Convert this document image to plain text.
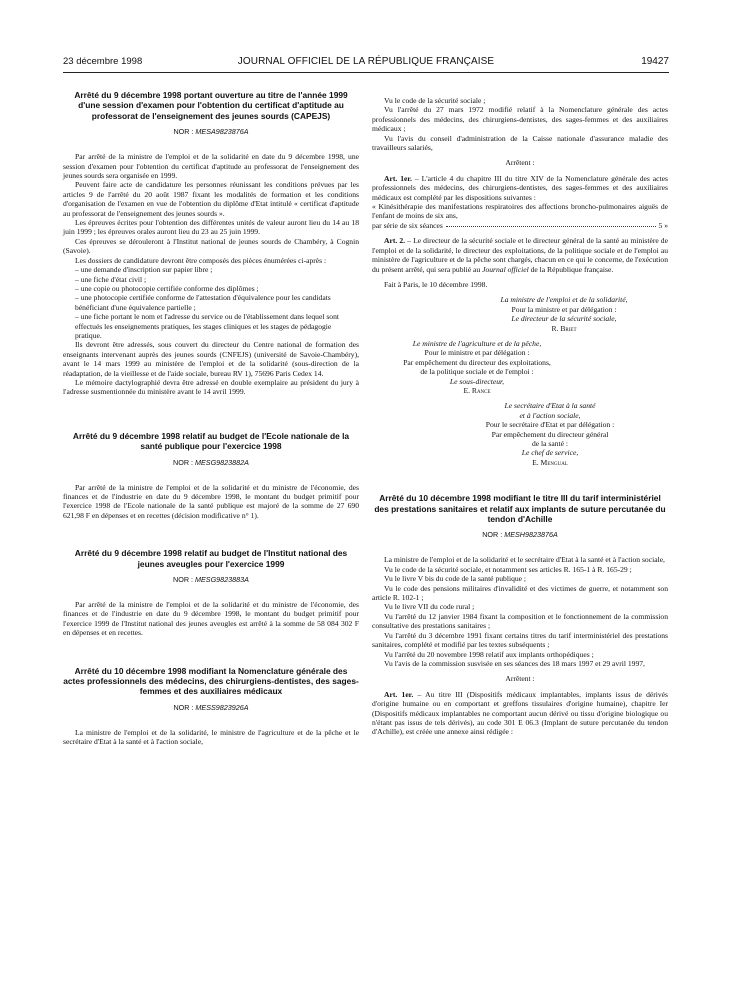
23 décembre 1998	JOURNAL OFFICIEL DE LA RÉPUBLIQUE FRANÇAISE	19427
Arrêté du 9 décembre 1998 portant ouverture au titre de l'année 1999 d'une session d'examen pour l'obtention du certificat d'aptitude au professorat de l'enseignement des jeunes sourds (CAPEJS)
NOR : MESA9823876A

Par arrêté de la ministre de l'emploi et de la solidarité en date du 9 décembre 1998, une session d'examen pour l'obtention du certificat d'aptitude au professorat de l'enseignement des jeunes sourds sera organisée en 1999.

Peuvent faire acte de candidature les personnes réunissant les conditions prévues par les articles 9 de l'arrêté du 20 août 1987 fixant les modalités de formation et les conditions d'organisation de l'examen en vue de l'obtention du diplôme d'Etat intitulé « certificat d'aptitude au professorat de l'enseignement des jeunes sourds ».

Les épreuves écrites pour l'obtention des différentes unités de valeur auront lieu du 14 au 18 juin 1999 ; les épreuves orales auront lieu du 23 au 25 juin 1999.

Ces épreuves se dérouleront à l'Institut national de jeunes sourds de Chambéry, à Cognin (Savoie).

Les dossiers de candidature devront être composés des pièces énumérées ci-après :

– une demande d'inscription sur papier libre ;

– une fiche d'état civil ;

– une copie ou photocopie certifiée conforme des diplômes ;

– une photocopie certifiée conforme de l'attestation d'équivalence pour les candidats bénéficiant d'une équivalence partielle ;

– une fiche portant le nom et l'adresse du service ou de l'établissement dans lequel sont effectués les enseignements pratiques, les stages cliniques et les stages de pédagogie pratique.

Ils devront être adressés, sous couvert du directeur du Centre national de formation des enseignants intervenant auprès des jeunes sourds (CNFEJS) (université de Savoie-Chambéry), avant le 14 mars 1999 au ministère de l'emploi et de la solidarité (sous-direction de la réadaptation, de la vieillesse et de l'aide sociale, bureau RV 1), 75696 Paris Cedex 14.

Le mémoire dactylographié devra être adressé en double exemplaire au président du jury à l'adresse susmentionnée du ministère avant le 14 avril 1999.

Arrêté du 9 décembre 1998 relatif au budget de l'Ecole nationale de la santé publique pour l'exercice 1998
NOR : MESG9823882A

Par arrêté de la ministre de l'emploi et de la solidarité et du ministre de l'économie, des finances et de l'industrie en date du 9 décembre 1998, le montant du budget primitif pour l'exercice 1998 de l'Ecole nationale de la santé publique est majoré de la somme de 27 690 621,98 F en dépenses et en recettes (décision modificative n° 1).

Arrêté du 9 décembre 1998 relatif au budget de l'Institut national des jeunes aveugles pour l'exercice 1999
NOR : MESG9823883A

Par arrêté de la ministre de l'emploi et de la solidarité et du ministre de l'économie, des finances et de l'industrie en date du 9 décembre 1998, le montant du budget primitif pour l'exercice 1999 de l'Institut national des jeunes aveugles est arrêté à la somme de 58 084 302 F en dépenses et en recettes.

Arrêté du 10 décembre 1998 modifiant la Nomenclature générale des actes professionnels des médecins, des chirurgiens-dentistes, des sages-femmes et des auxiliaires médicaux
NOR : MESS9823926A

La ministre de l'emploi et de la solidarité, le ministre de l'agriculture et de la pêche et le secrétaire d'Etat à la santé et à l'action sociale,

Vu le code de la sécurité sociale ;

Vu l'arrêté du 27 mars 1972 modifié relatif à la Nomenclature générale des actes professionnels des médecins, des chirurgiens-dentistes, des sages-femmes et des auxiliaires médicaux ;

Vu l'avis du conseil d'administration de la Caisse nationale d'assurance maladie des travailleurs salariés,

Arrêtent :

Art. 1er. – L'article 4 du chapitre III du titre XIV de la Nomenclature générale des actes professionnels des médecins, des chirurgiens-dentistes, des sages-femmes et des auxiliaires médicaux est complété par les dispositions suivantes :

« Kinésithérapie des manifestations respiratoires des affections broncho-pulmonaires aiguës de l'enfant de moins de six ans,

par série de six séances	5 »

Art. 2. – Le directeur de la sécurité sociale et le directeur général de la santé au ministère de l'emploi et de la solidarité, le directeur des exploitations, de la politique sociale et de l'emploi au ministère de l'agriculture et de la pêche sont chargés, chacun en ce qui le concerne, de l'exécution du présent arrêté, qui sera publié au Journal officiel de la République française.

Fait à Paris, le 10 décembre 1998.

La ministre de l'emploi et de la solidarité,

Pour la ministre et par délégation :

Le directeur de la sécurité sociale,

R. Briet

Le ministre de l'agriculture et de la pêche,

Pour le ministre et par délégation :

Par empêchement du directeur des exploitations,

de la politique sociale et de l'emploi :

Le sous-directeur,

E. Rance

Le secrétaire d'Etat à la santé

et à l'action sociale,

Pour le secrétaire d'Etat et par délégation :

Par empêchement du directeur général

de la santé :

Le chef de service,

E. Mengual

Arrêté du 10 décembre 1998 modifiant le titre III du tarif interministériel des prestations sanitaires et relatif aux implants de suture percutanée du tendon d'Achille
NOR : MESH9823876A

La ministre de l'emploi et de la solidarité et le secrétaire d'Etat à la santé et à l'action sociale,

Vu le code de la sécurité sociale, et notamment ses articles R. 165-1 à R. 165-29 ;

Vu le livre V bis du code de la santé publique ;

Vu le code des pensions militaires d'invalidité et des victimes de guerre, et notamment son article R. 102-1 ;

Vu le livre VII du code rural ;

Vu l'arrêté du 12 janvier 1984 fixant la composition et le fonctionnement de la commission consultative des prestations sanitaires ;

Vu l'arrêté du 3 décembre 1991 fixant certains titres du tarif interministériel des prestations sanitaires, complété et modifié par les textes subséquents ;

Vu l'arrêté du 20 novembre 1998 relatif aux implants orthopédiques ;

Vu l'avis de la commission susvisée en ses séances des 18 mars 1997 et 29 avril 1997,

Arrêtent :

Art. 1er. – Au titre III (Dispositifs médicaux implantables, implants issus de dérivés d'origine humaine ou en comportant et greffons tissulaires d'origine humaine), chapitre Ier (Dispositifs médicaux implantables ne comportant aucun dérivé ou tissu d'origine biologique ou n'étant pas issus de tels dérivés), au code 301 E 06.3 (Implant de suture percutanée du tendon d'Achille), est créée une annexe ainsi rédigée :
